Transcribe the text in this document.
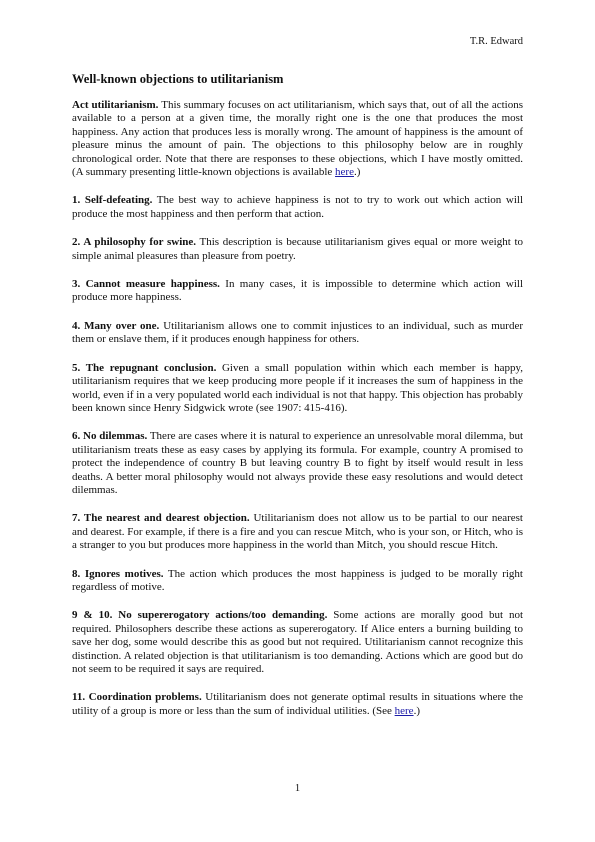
T.R. Edward
Well-known objections to utilitarianism

Act utilitarianism. This summary focuses on act utilitarianism, which says that, out of all the actions available to a person at a given time, the morally right one is the one that produces the most happiness. Any action that produces less is morally wrong. The amount of happiness is the amount of pleasure minus the amount of pain. The objections to this philosophy below are in roughly chronological order. Note that there are responses to these objections, which I have mostly omitted. (A summary presenting little-known objections is available here.)

1. Self-defeating. The best way to achieve happiness is not to try to work out which action will produce the most happiness and then perform that action.

2. A philosophy for swine. This description is because utilitarianism gives equal or more weight to simple animal pleasures than pleasure from poetry.

3. Cannot measure happiness. In many cases, it is impossible to determine which action will produce more happiness.

4. Many over one. Utilitarianism allows one to commit injustices to an individual, such as murder them or enslave them, if it produces enough happiness for others.

5. The repugnant conclusion. Given a small population within which each member is happy, utilitarianism requires that we keep producing more people if it increases the sum of happiness in the world, even if in a very populated world each individual is not that happy. This objection has probably been known since Henry Sidgwick wrote (see 1907: 415-416).

6. No dilemmas. There are cases where it is natural to experience an unresolvable moral dilemma, but utilitarianism treats these as easy cases by applying its formula. For example, country A promised to protect the independence of country B but leaving country B to fight by itself would result in less deaths. A better moral philosophy would not always provide these easy resolutions and would detect dilemmas.

7. The nearest and dearest objection. Utilitarianism does not allow us to be partial to our nearest and dearest. For example, if there is a fire and you can rescue Mitch, who is your son, or Hitch, who is a stranger to you but produces more happiness in the world than Mitch, you should rescue Hitch.

8. Ignores motives. The action which produces the most happiness is judged to be morally right regardless of motive.

9 & 10. No supererogatory actions/too demanding. Some actions are morally good but not required. Philosophers describe these actions as supererogatory. If Alice enters a burning building to save her dog, some would describe this as good but not required. Utilitarianism cannot recognize this distinction. A related objection is that utilitarianism is too demanding. Actions which are good but do not seem to be required it says are required.

11. Coordination problems. Utilitarianism does not generate optimal results in situations where the utility of a group is more or less than the sum of individual utilities. (See here.)

1
